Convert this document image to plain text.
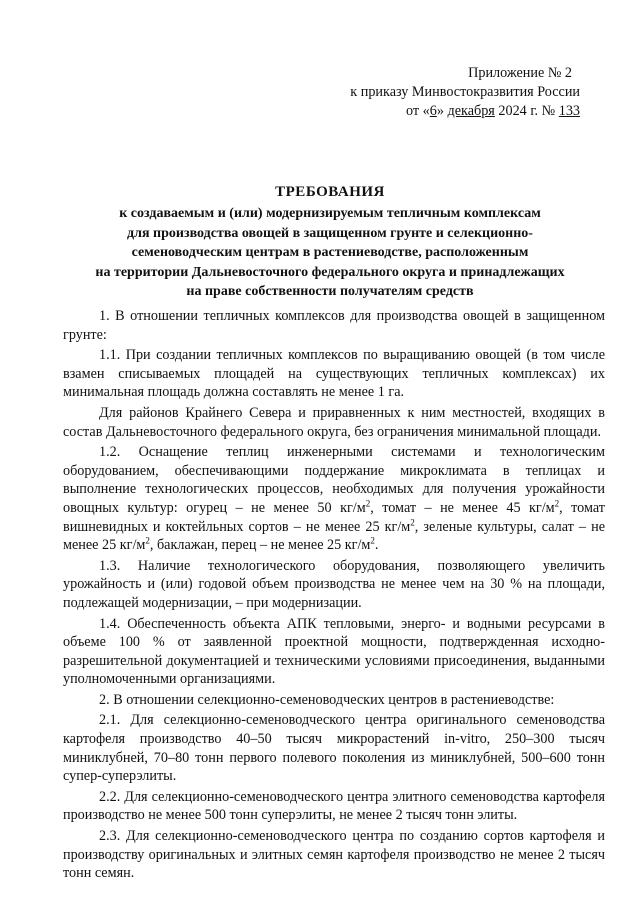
Приложение № 2
к приказу Минвостокразвития России
от «6» декабря 2024 г. № 133
ТРЕБОВАНИЯ
к создаваемым и (или) модернизируемым тепличным комплексам
для производства овощей в защищенном грунте и селекционно-
семеноводческим центрам в растениеводстве, расположенным
на территории Дальневосточного федерального округа и принадлежащих
на праве собственности получателям средств

1. В отношении тепличных комплексов для производства овощей в защищенном грунте:

1.1. При создании тепличных комплексов по выращиванию овощей (в том числе взамен списываемых площадей на существующих тепличных комплексах) их минимальная площадь должна составлять не менее 1 га.

Для районов Крайнего Севера и приравненных к ним местностей, входящих в состав Дальневосточного федерального округа, без ограничения минимальной площади.

1.2. Оснащение теплиц инженерными системами и технологическим оборудованием, обеспечивающими поддержание микроклимата в теплицах и выполнение технологических процессов, необходимых для получения урожайности овощных культур: огурец – не менее 50 $кг/м^2$, томат – не менее 45 $кг/м^2$, томат вишневидных и коктейльных сортов – не менее 25 $кг/м^2$, зеленые культуры, салат – не менее 25 $кг/м^2$, баклажан, перец – не менее 25 $кг/м^2$.

1.3. Наличие технологического оборудования, позволяющего увеличить урожайность и (или) годовой объем производства не менее чем на 30 % на площади, подлежащей модернизации, – при модернизации.

1.4. Обеспеченность объекта АПК тепловыми, энерго- и водными ресурсами в объеме 100 % от заявленной проектной мощности, подтвержденная исходно-разрешительной документацией и техническими условиями присоединения, выданными уполномоченными организациями.

2. В отношении селекционно-семеноводческих центров в растениеводстве:

2.1. Для селекционно-семеноводческого центра оригинального семеноводства картофеля производство 40–50 тысяч микрорастений in-vitro, 250–300 тысяч миниклубней, 70–80 тонн первого полевого поколения из миниклубней, 500–600 тонн супер-суперэлиты.

2.2. Для селекционно-семеноводческого центра элитного семеноводства картофеля производство не менее 500 тонн суперэлиты, не менее 2 тысяч тонн элиты.

2.3. Для селекционно-семеноводческого центра по созданию сортов картофеля и производству оригинальных и элитных семян картофеля производство не менее 2 тысяч тонн семян.
